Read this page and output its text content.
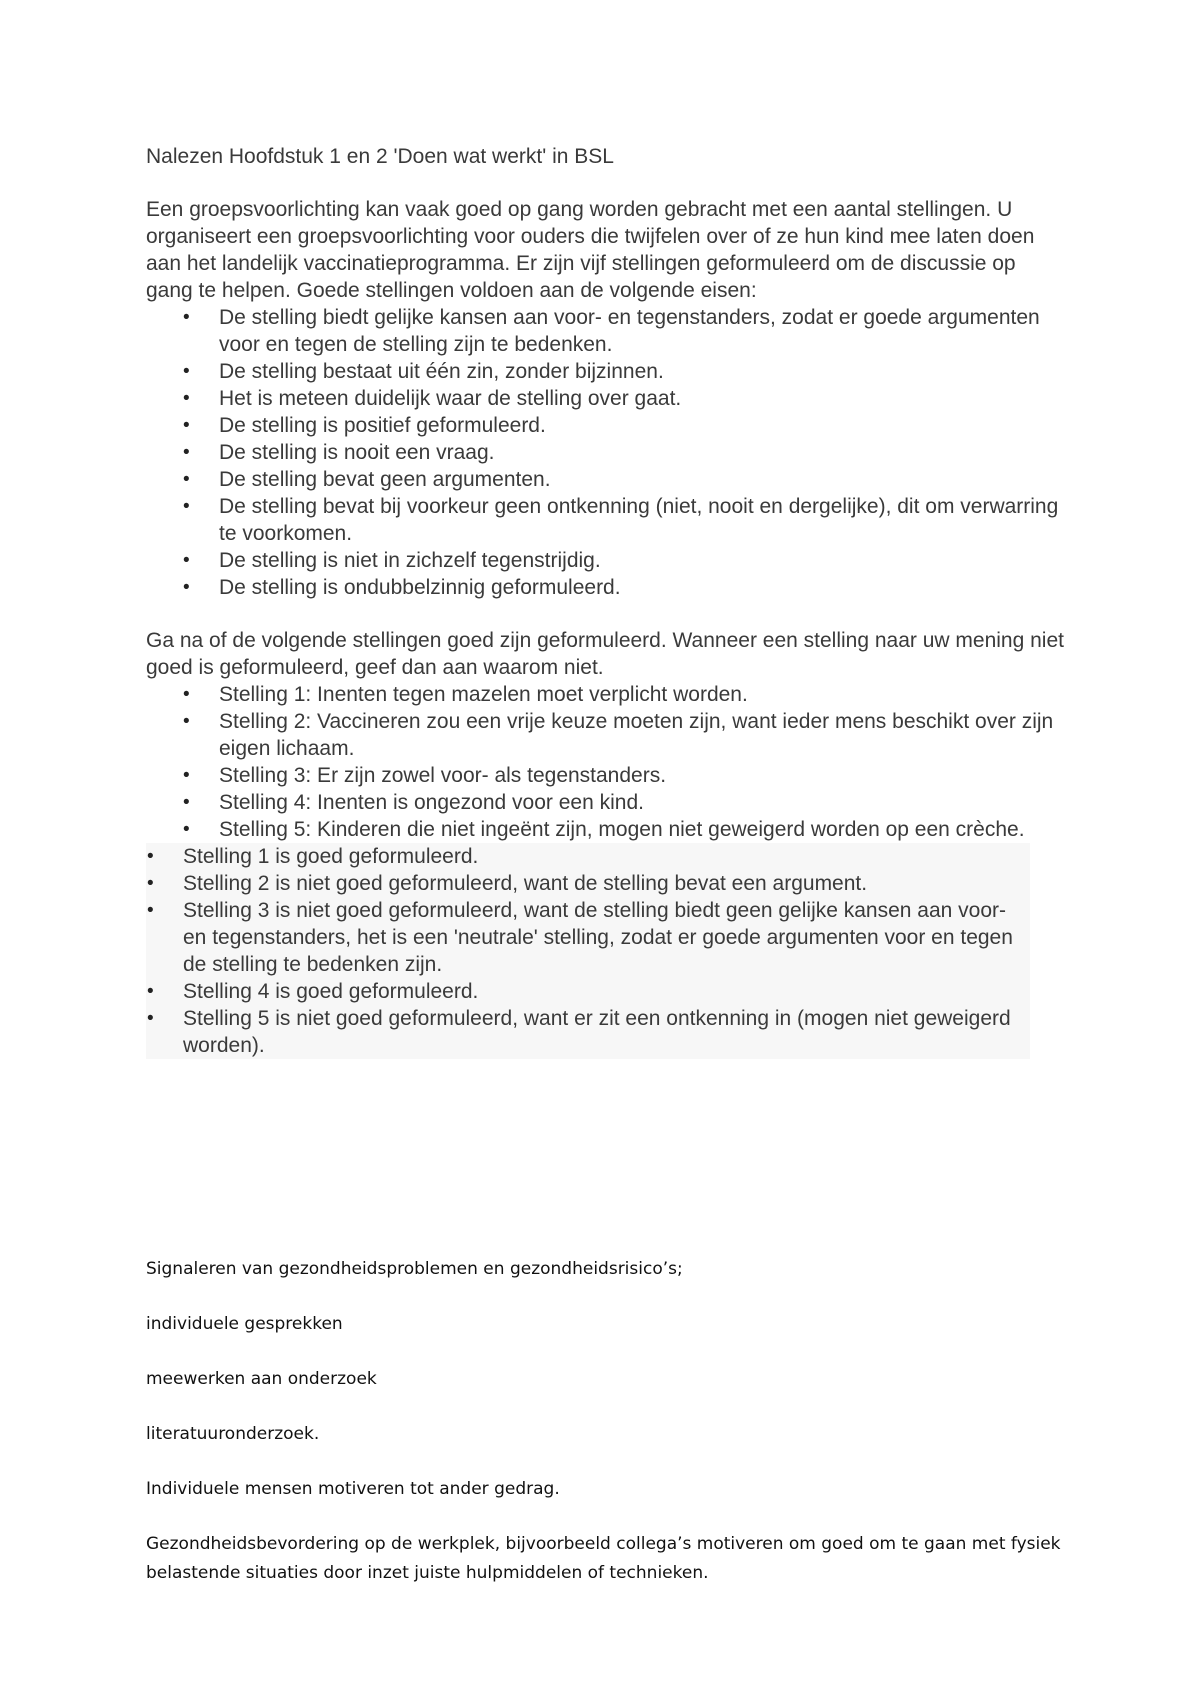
Nalezen Hoofdstuk 1 en 2 'Doen wat werkt' in BSL

Een groepsvoorlichting kan vaak goed op gang worden gebracht met een aantal stellingen. U organiseert een groepsvoorlichting voor ouders die twijfelen over of ze hun kind mee laten doen aan het landelijk vaccinatieprogramma. Er zijn vijf stellingen geformuleerd om de discussie op gang te helpen. Goede stellingen voldoen aan de volgende eisen:

• De stelling biedt gelijke kansen aan voor- en tegenstanders, zodat er goede argumenten voor en tegen de stelling zijn te bedenken.
• De stelling bestaat uit één zin, zonder bijzinnen.
• Het is meteen duidelijk waar de stelling over gaat.
• De stelling is positief geformuleerd.
• De stelling is nooit een vraag.
• De stelling bevat geen argumenten.
• De stelling bevat bij voorkeur geen ontkenning (niet, nooit en dergelijke), dit om verwarring te voorkomen.
• De stelling is niet in zichzelf tegenstrijdig.
• De stelling is ondubbelzinnig geformuleerd.

Ga na of de volgende stellingen goed zijn geformuleerd. Wanneer een stelling naar uw mening niet goed is geformuleerd, geef dan aan waarom niet.

• Stelling 1: Inenten tegen mazelen moet verplicht worden.
• Stelling 2: Vaccineren zou een vrije keuze moeten zijn, want ieder mens beschikt over zijn eigen lichaam.
• Stelling 3: Er zijn zowel voor- als tegenstanders.
• Stelling 4: Inenten is ongezond voor een kind.
• Stelling 5: Kinderen die niet ingeënt zijn, mogen niet geweigerd worden op een crèche.
• Stelling 1 is goed geformuleerd.
• Stelling 2 is niet goed geformuleerd, want de stelling bevat een argument.
• Stelling 3 is niet goed geformuleerd, want de stelling biedt geen gelijke kansen aan voor- en tegenstanders, het is een 'neutrale' stelling, zodat er goede argumenten voor en tegen de stelling te bedenken zijn.
• Stelling 4 is goed geformuleerd.
• Stelling 5 is niet goed geformuleerd, want er zit een ontkenning in (mogen niet geweigerd worden).

Signaleren van gezondheidsproblemen en gezondheidsrisico’s;

individuele gesprekken

meewerken aan onderzoek

literatuuronderzoek.

Individuele mensen motiveren tot ander gedrag.

Gezondheidsbevordering op de werkplek, bijvoorbeeld collega’s motiveren om goed om te gaan met fysiek belastende situaties door inzet juiste hulpmiddelen of technieken.
